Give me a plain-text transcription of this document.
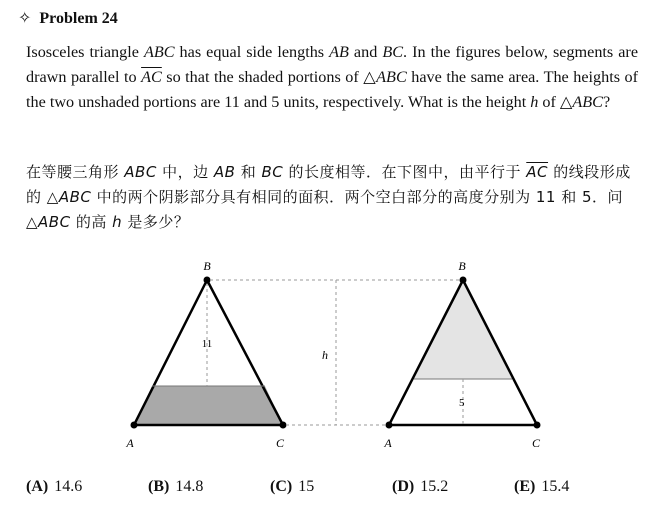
✧ Problem 24
Isosceles triangle ABC has equal side lengths AB and BC. In the figures below, segments are drawn parallel to $\overline{AC}$ so that the shaded portions of △ABC have the same area. The heights of the two unshaded portions are 11 and 5 units, respectively. What is the height h of △ABC?
在等腰三角形 ABC 中，边 AB 和 BC 的长度相等．在下图中，由平行于 $\overline{AC}$ 的线段形成的 △ABC 中的两个阴影部分具有相同的面积．两个空白部分的高度分别为 11 和 5．问 △ABC 的高 h 是多少？
B
A	C
11
h
B
A	C
5
(A) 14.6	(B) 14.8	(C) 15	(D) 15.2	(E) 15.4
